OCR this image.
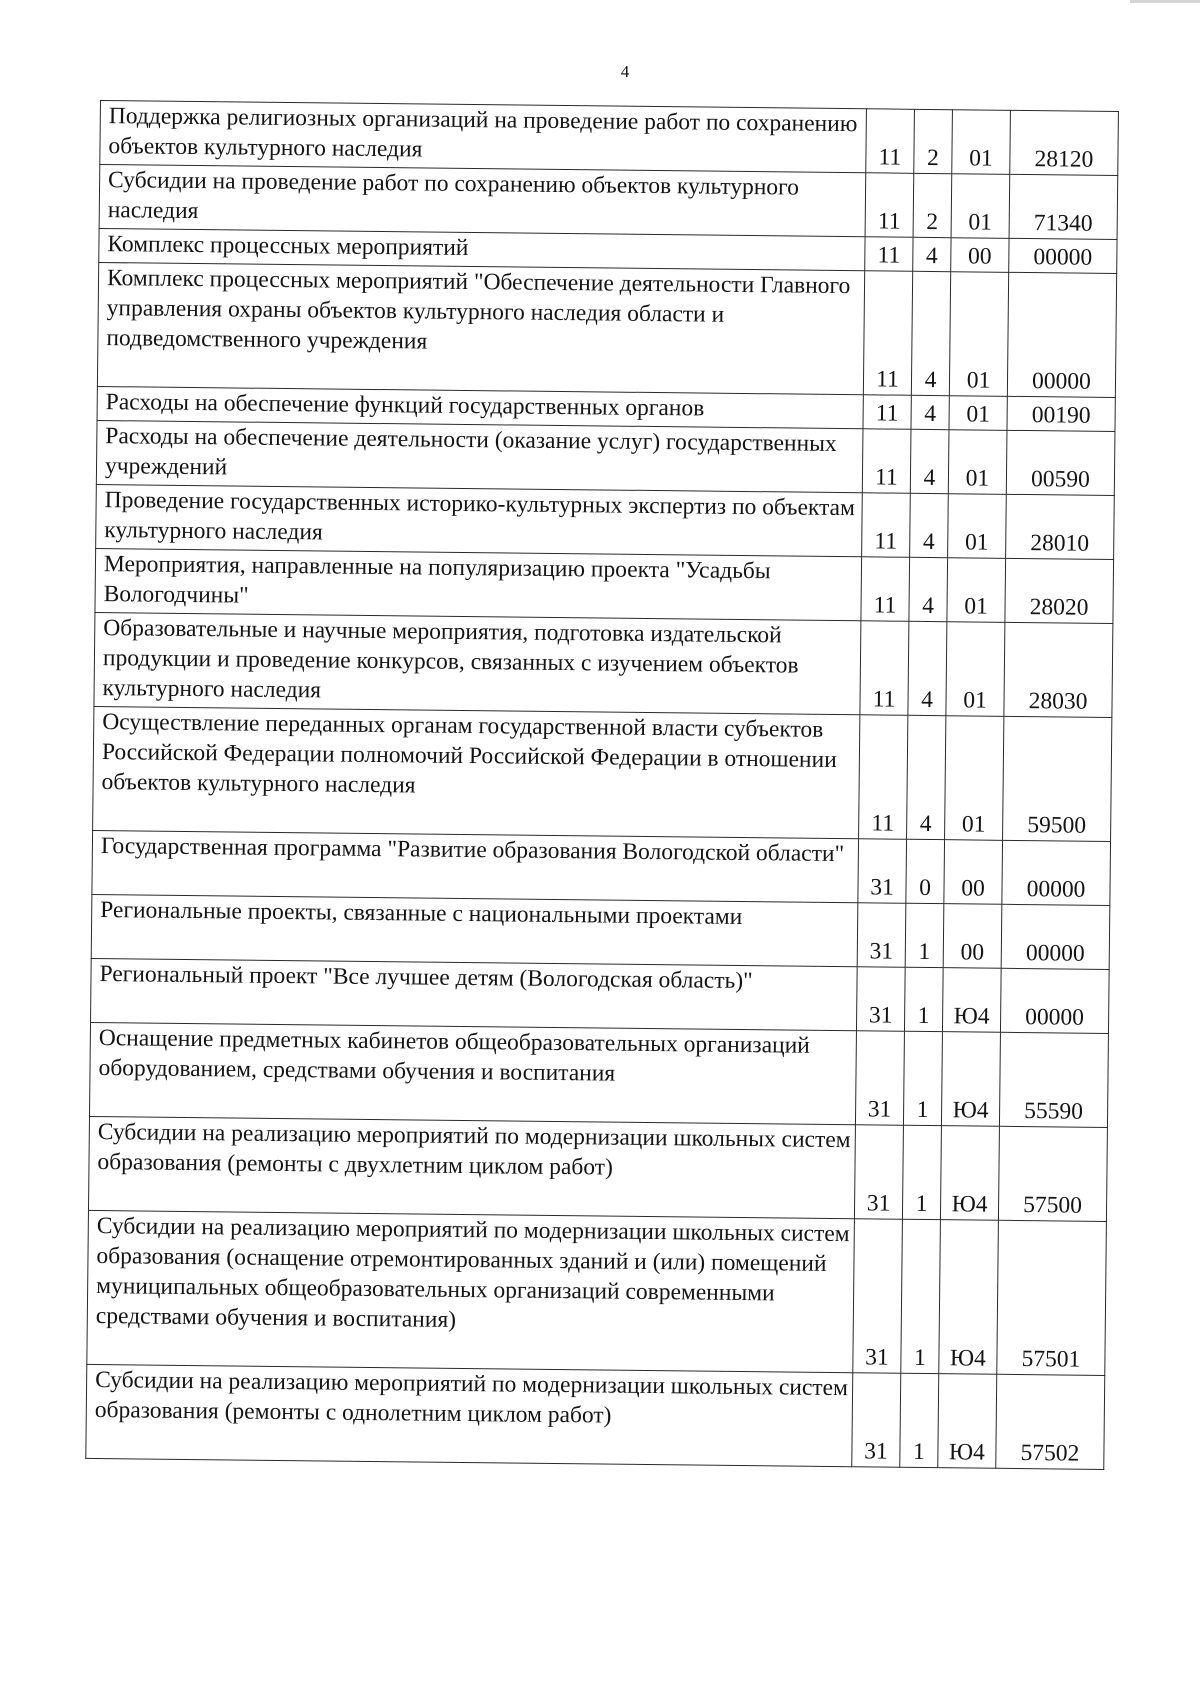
4
Поддержка религиозных организаций на проведение работ по сохранению объектов культурного наследия	11	2	01	28120
Субсидии на проведение работ по сохранению объектов культурного наследия	11	2	01	71340
Комплекс процессных мероприятий	11	4	00	00000
Комплекс процессных мероприятий "Обеспечение деятельности Главного управления охраны объектов культурного наследия области и подведомственного учреждения	11	4	01	00000
Расходы на обеспечение функций государственных органов	11	4	01	00190
Расходы на обеспечение деятельности (оказание услуг) государственных учреждений	11	4	01	00590
Проведение государственных историко-культурных экспертиз по объектам культурного наследия	11	4	01	28010
Мероприятия, направленные на популяризацию проекта "Усадьбы Вологодчины"	11	4	01	28020
Образовательные и научные мероприятия, подготовка издательской продукции и проведение конкурсов, связанных с изучением объектов культурного наследия	11	4	01	28030
Осуществление переданных органам государственной власти субъектов Российской Федерации полномочий Российской Федерации в отношении объектов культурного наследия	11	4	01	59500
Государственная программа "Развитие образования Вологодской области"	31	0	00	00000
Региональные проекты, связанные с национальными проектами	31	1	00	00000
Региональный проект "Все лучшее детям (Вологодская область)"	31	1	Ю4	00000
Оснащение предметных кабинетов общеобразовательных организаций оборудованием, средствами обучения и воспитания	31	1	Ю4	55590
Субсидии на реализацию мероприятий по модернизации школьных систем образования (ремонты с двухлетним циклом работ)	31	1	Ю4	57500
Субсидии на реализацию мероприятий по модернизации школьных систем образования (оснащение отремонтированных зданий и (или) помещений муниципальных общеобразовательных организаций современными средствами обучения и воспитания)	31	1	Ю4	57501
Субсидии на реализацию мероприятий по модернизации школьных систем образования (ремонты с однолетним циклом работ)	31	1	Ю4	57502
